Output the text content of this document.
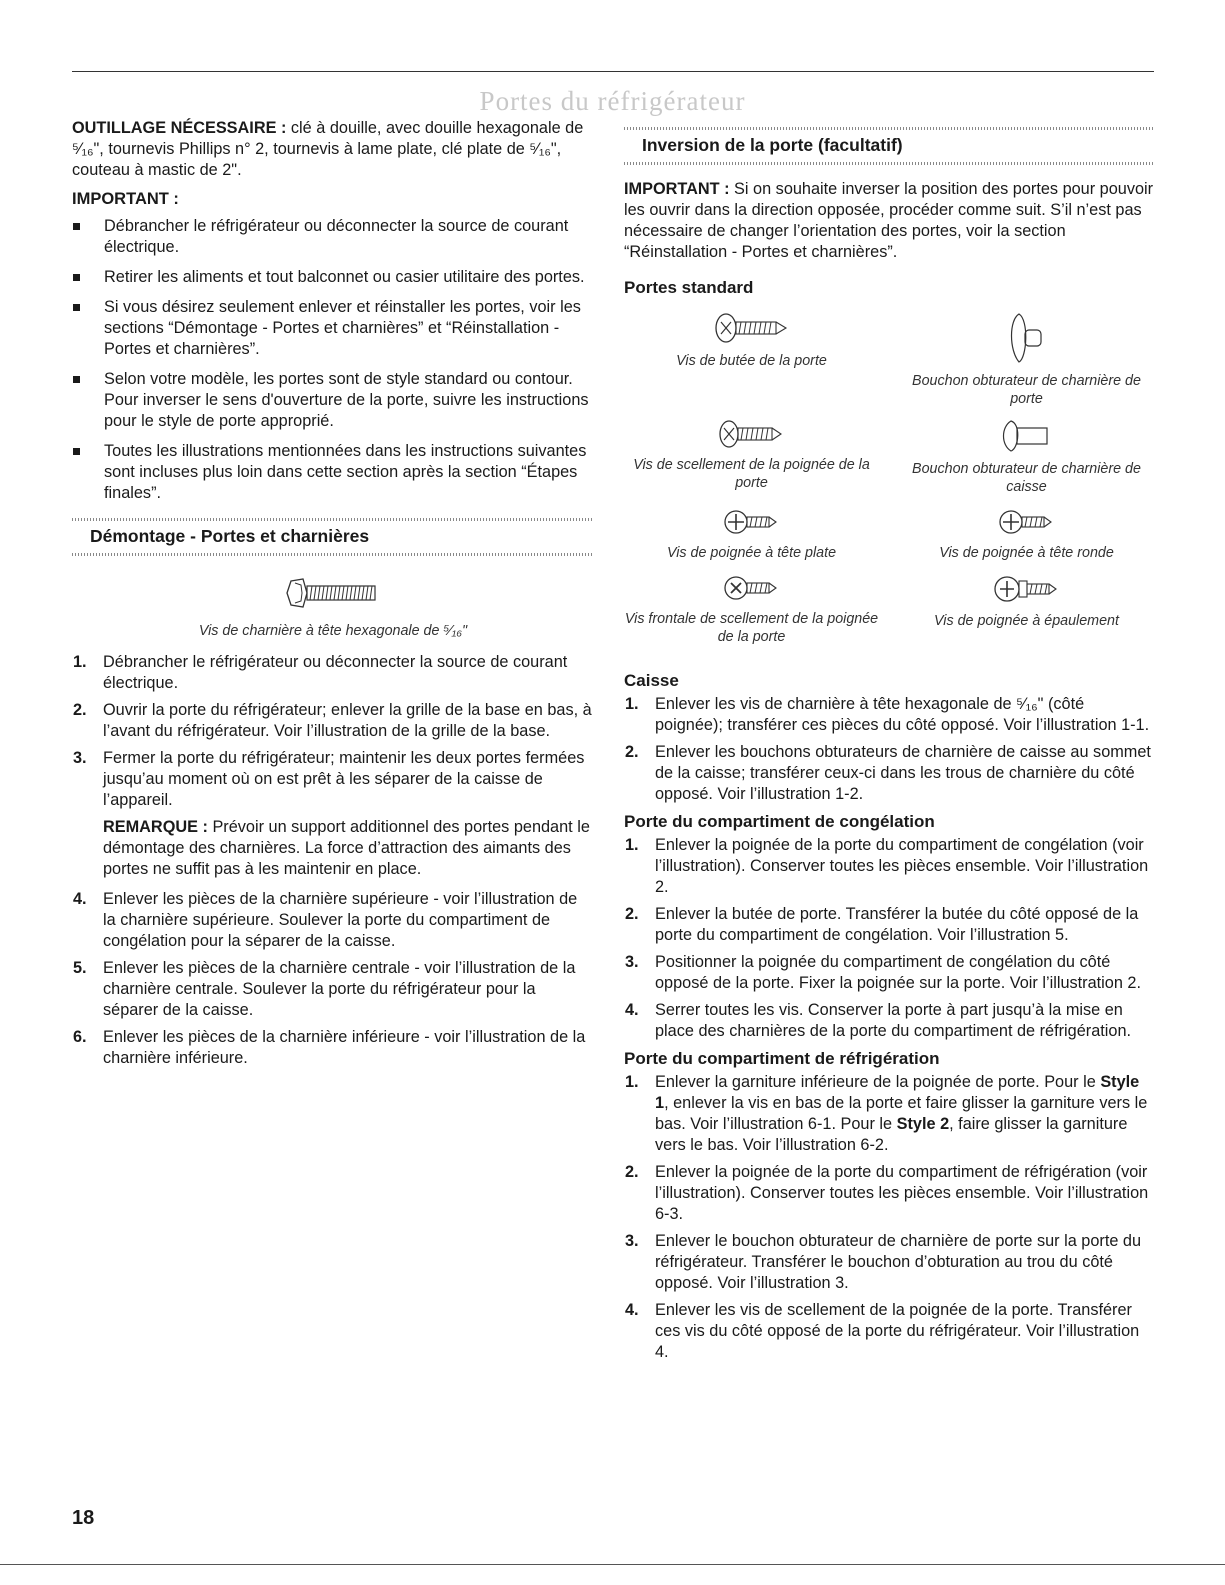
Portes du réfrigérateur

OUTILLAGE NÉCESSAIRE : clé à douille, avec douille hexagonale de ⁵⁄₁₆", tournevis Phillips n° 2, tournevis à lame plate, clé plate de ⁵⁄₁₆", couteau à mastic de 2".

IMPORTANT :
Débrancher le réfrigérateur ou déconnecter la source de courant électrique.
Retirer les aliments et tout balconnet ou casier utilitaire des portes.
Si vous désirez seulement enlever et réinstaller les portes, voir les sections “Démontage - Portes et charnières” et “Réinstallation - Portes et charnières”.
Selon votre modèle, les portes sont de style standard ou contour. Pour inverser le sens d'ouverture de la porte, suivre les instructions pour le style de porte approprié.
Toutes les illustrations mentionnées dans les instructions suivantes sont incluses plus loin dans cette section après la section “Étapes finales”.
Démontage - Portes et charnières
Vis de charnière à tête hexagonale de ⁵⁄₁₆"
1. Débrancher le réfrigérateur ou déconnecter la source de courant électrique.
2. Ouvrir la porte du réfrigérateur; enlever la grille de la base en bas, à l’avant du réfrigérateur. Voir l’illustration de la grille de la base.
3. Fermer la porte du réfrigérateur; maintenir les deux portes fermées jusqu’au moment où on est prêt à les séparer de la caisse de l’appareil.

REMARQUE : Prévoir un support additionnel des portes pendant le démontage des charnières. La force d’attraction des aimants des portes ne suffit pas à les maintenir en place.

4. Enlever les pièces de la charnière supérieure - voir l’illustration de la charnière supérieure. Soulever la porte du compartiment de congélation pour la séparer de la caisse.
5. Enlever les pièces de la charnière centrale - voir l’illustration de la charnière centrale. Soulever la porte du réfrigérateur pour la séparer de la caisse.
6. Enlever les pièces de la charnière inférieure - voir l’illustration de la charnière inférieure.
Inversion de la porte (facultatif)

IMPORTANT : Si on souhaite inverser la position des portes pour pouvoir les ouvrir dans la direction opposée, procéder comme suit. S’il n’est pas nécessaire de changer l’orientation des portes, voir la section “Réinstallation - Portes et charnières”.

Portes standard
Vis de butée de la porte
Bouchon obturateur de charnière de porte
Vis de scellement de la poignée de la porte
Bouchon obturateur de charnière de caisse
Vis de poignée à tête plate	Vis de poignée à tête ronde
Vis frontale de scellement de la poignée de la porte
Vis de poignée à épaulement
Caisse
1. Enlever les vis de charnière à tête hexagonale de ⁵⁄₁₆" (côté poignée); transférer ces pièces du côté opposé. Voir l’illustration 1-1.
2. Enlever les bouchons obturateurs de charnière de caisse au sommet de la caisse; transférer ceux-ci dans les trous de charnière du côté opposé. Voir l’illustration 1-2.
Porte du compartiment de congélation
1. Enlever la poignée de la porte du compartiment de congélation (voir l’illustration). Conserver toutes les pièces ensemble. Voir l’illustration 2.
2. Enlever la butée de porte. Transférer la butée du côté opposé de la porte du compartiment de congélation. Voir l’illustration 5.
3. Positionner la poignée du compartiment de congélation du côté opposé de la porte. Fixer la poignée sur la porte. Voir l’illustration 2.
4. Serrer toutes les vis. Conserver la porte à part jusqu’à la mise en place des charnières de la porte du compartiment de réfrigération.
Porte du compartiment de réfrigération
1. Enlever la garniture inférieure de la poignée de porte. Pour le Style 1, enlever la vis en bas de la porte et faire glisser la garniture vers le bas. Voir l’illustration 6-1. Pour le Style 2, faire glisser la garniture vers le bas. Voir l’illustration 6-2.
2. Enlever la poignée de la porte du compartiment de réfrigération (voir l’illustration). Conserver toutes les pièces ensemble. Voir l’illustration 6-3.
3. Enlever le bouchon obturateur de charnière de porte sur la porte du réfrigérateur. Transférer le bouchon d’obturation au trou du côté opposé. Voir l’illustration 3.
4. Enlever les vis de scellement de la poignée de la porte. Transférer ces vis du côté opposé de la porte du réfrigérateur. Voir l’illustration 4.
18
